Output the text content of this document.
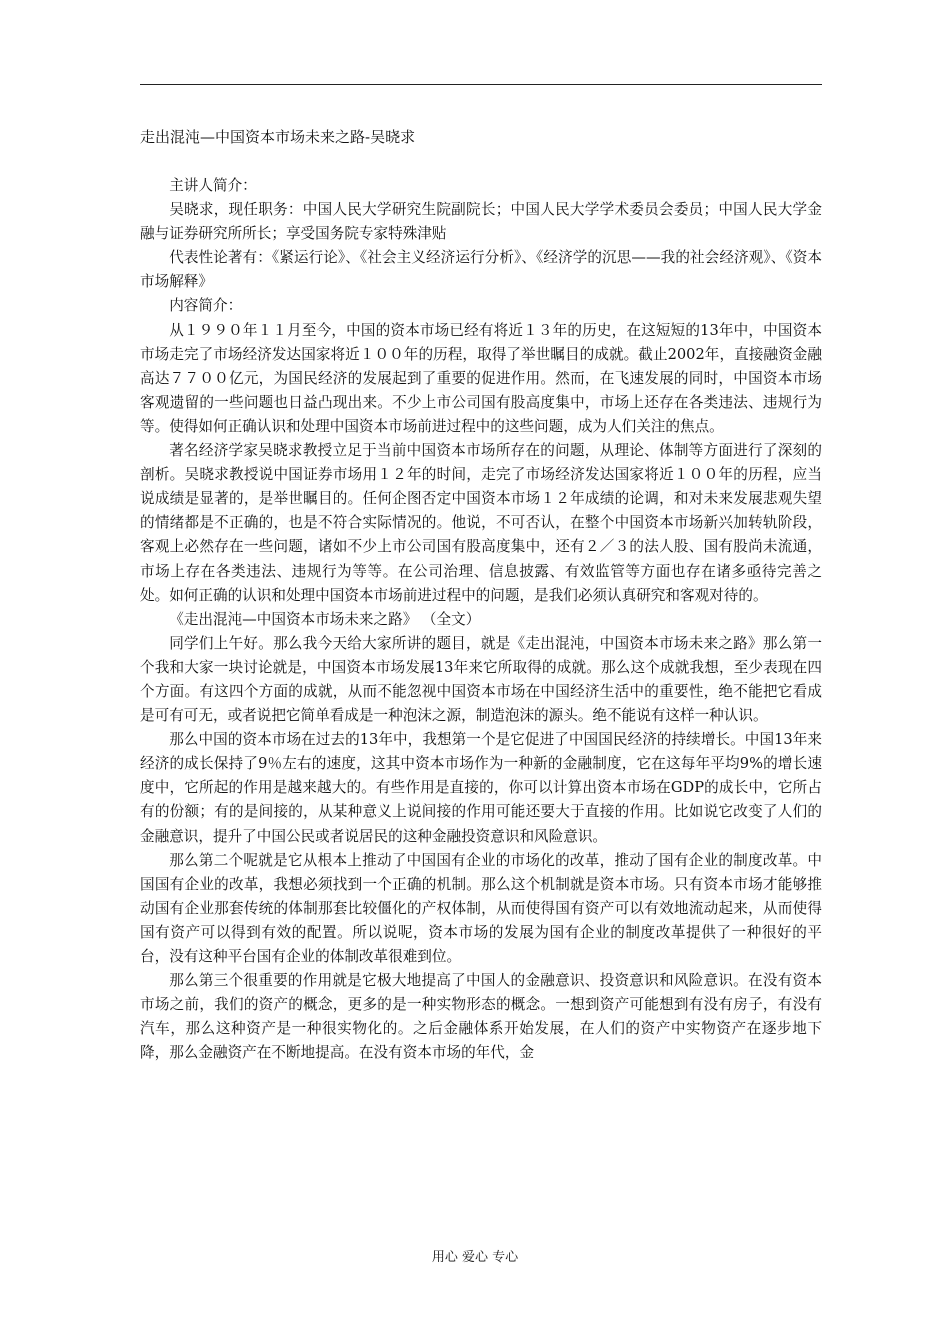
走出混沌—中国资本市场未来之路-吴晓求

主讲人简介：

吴晓求，现任职务：中国人民大学研究生院副院长；中国人民大学学术委员会委员；中国人民大学金融与证券研究所所长；享受国务院专家特殊津贴

代表性论著有：《紧运行论》、《社会主义经济运行分析》、《经济学的沉思——我的社会经济观》、《资本市场解释》

内容简介：

从１９９０年１１月至今，中国的资本市场已经有将近１３年的历史，在这短短的13年中，中国资本市场走完了市场经济发达国家将近１００年的历程，取得了举世瞩目的成就。截止2002年，直接融资金融高达７７００亿元，为国民经济的发展起到了重要的促进作用。然而，在飞速发展的同时，中国资本市场客观遗留的一些问题也日益凸现出来。不少上市公司国有股高度集中，市场上还存在各类违法、违规行为等。使得如何正确认识和处理中国资本市场前进过程中的这些问题，成为人们关注的焦点。

著名经济学家吴晓求教授立足于当前中国资本市场所存在的问题，从理论、体制等方面进行了深刻的剖析。吴晓求教授说中国证券市场用１２年的时间，走完了市场经济发达国家将近１００年的历程，应当说成绩是显著的，是举世瞩目的。任何企图否定中国资本市场１２年成绩的论调，和对未来发展悲观失望的情绪都是不正确的，也是不符合实际情况的。他说，不可否认，在整个中国资本市场新兴加转轨阶段，客观上必然存在一些问题，诸如不少上市公司国有股高度集中，还有２／３的法人股、国有股尚未流通，市场上存在各类违法、违规行为等等。在公司治理、信息披露、有效监管等方面也存在诸多亟待完善之处。如何正确的认识和处理中国资本市场前进过程中的问题，是我们必须认真研究和客观对待的。

《走出混沌—中国资本市场未来之路》 （全文）

同学们上午好。那么我今天给大家所讲的题目，就是《走出混沌，中国资本市场未来之路》那么第一个我和大家一块讨论就是，中国资本市场发展13年来它所取得的成就。那么这个成就我想，至少表现在四个方面。有这四个方面的成就，从而不能忽视中国资本市场在中国经济生活中的重要性，绝不能把它看成是可有可无，或者说把它简单看成是一种泡沫之源，制造泡沫的源头。绝不能说有这样一种认识。

那么中国的资本市场在过去的13年中，我想第一个是它促进了中国国民经济的持续增长。中国13年来经济的成长保持了9％左右的速度，这其中资本市场作为一种新的金融制度，它在这每年平均9%的增长速度中，它所起的作用是越来越大的。有些作用是直接的，你可以计算出资本市场在GDP的成长中，它所占有的份额；有的是间接的，从某种意义上说间接的作用可能还要大于直接的作用。比如说它改变了人们的金融意识，提升了中国公民或者说居民的这种金融投资意识和风险意识。

那么第二个呢就是它从根本上推动了中国国有企业的市场化的改革，推动了国有企业的制度改革。中国国有企业的改革，我想必须找到一个正确的机制。那么这个机制就是资本市场。只有资本市场才能够推动国有企业那套传统的体制那套比较僵化的产权体制，从而使得国有资产可以有效地流动起来，从而使得国有资产可以得到有效的配置。所以说呢，资本市场的发展为国有企业的制度改革提供了一种很好的平台，没有这种平台国有企业的体制改革很难到位。

那么第三个很重要的作用就是它极大地提高了中国人的金融意识、投资意识和风险意识。在没有资本市场之前，我们的资产的概念，更多的是一种实物形态的概念。一想到资产可能想到有没有房子，有没有汽车，那么这种资产是一种很实物化的。之后金融体系开始发展，在人们的资产中实物资产在逐步地下降，那么金融资产在不断地提高。在没有资本市场的年代，金

用心 爱心 专心
